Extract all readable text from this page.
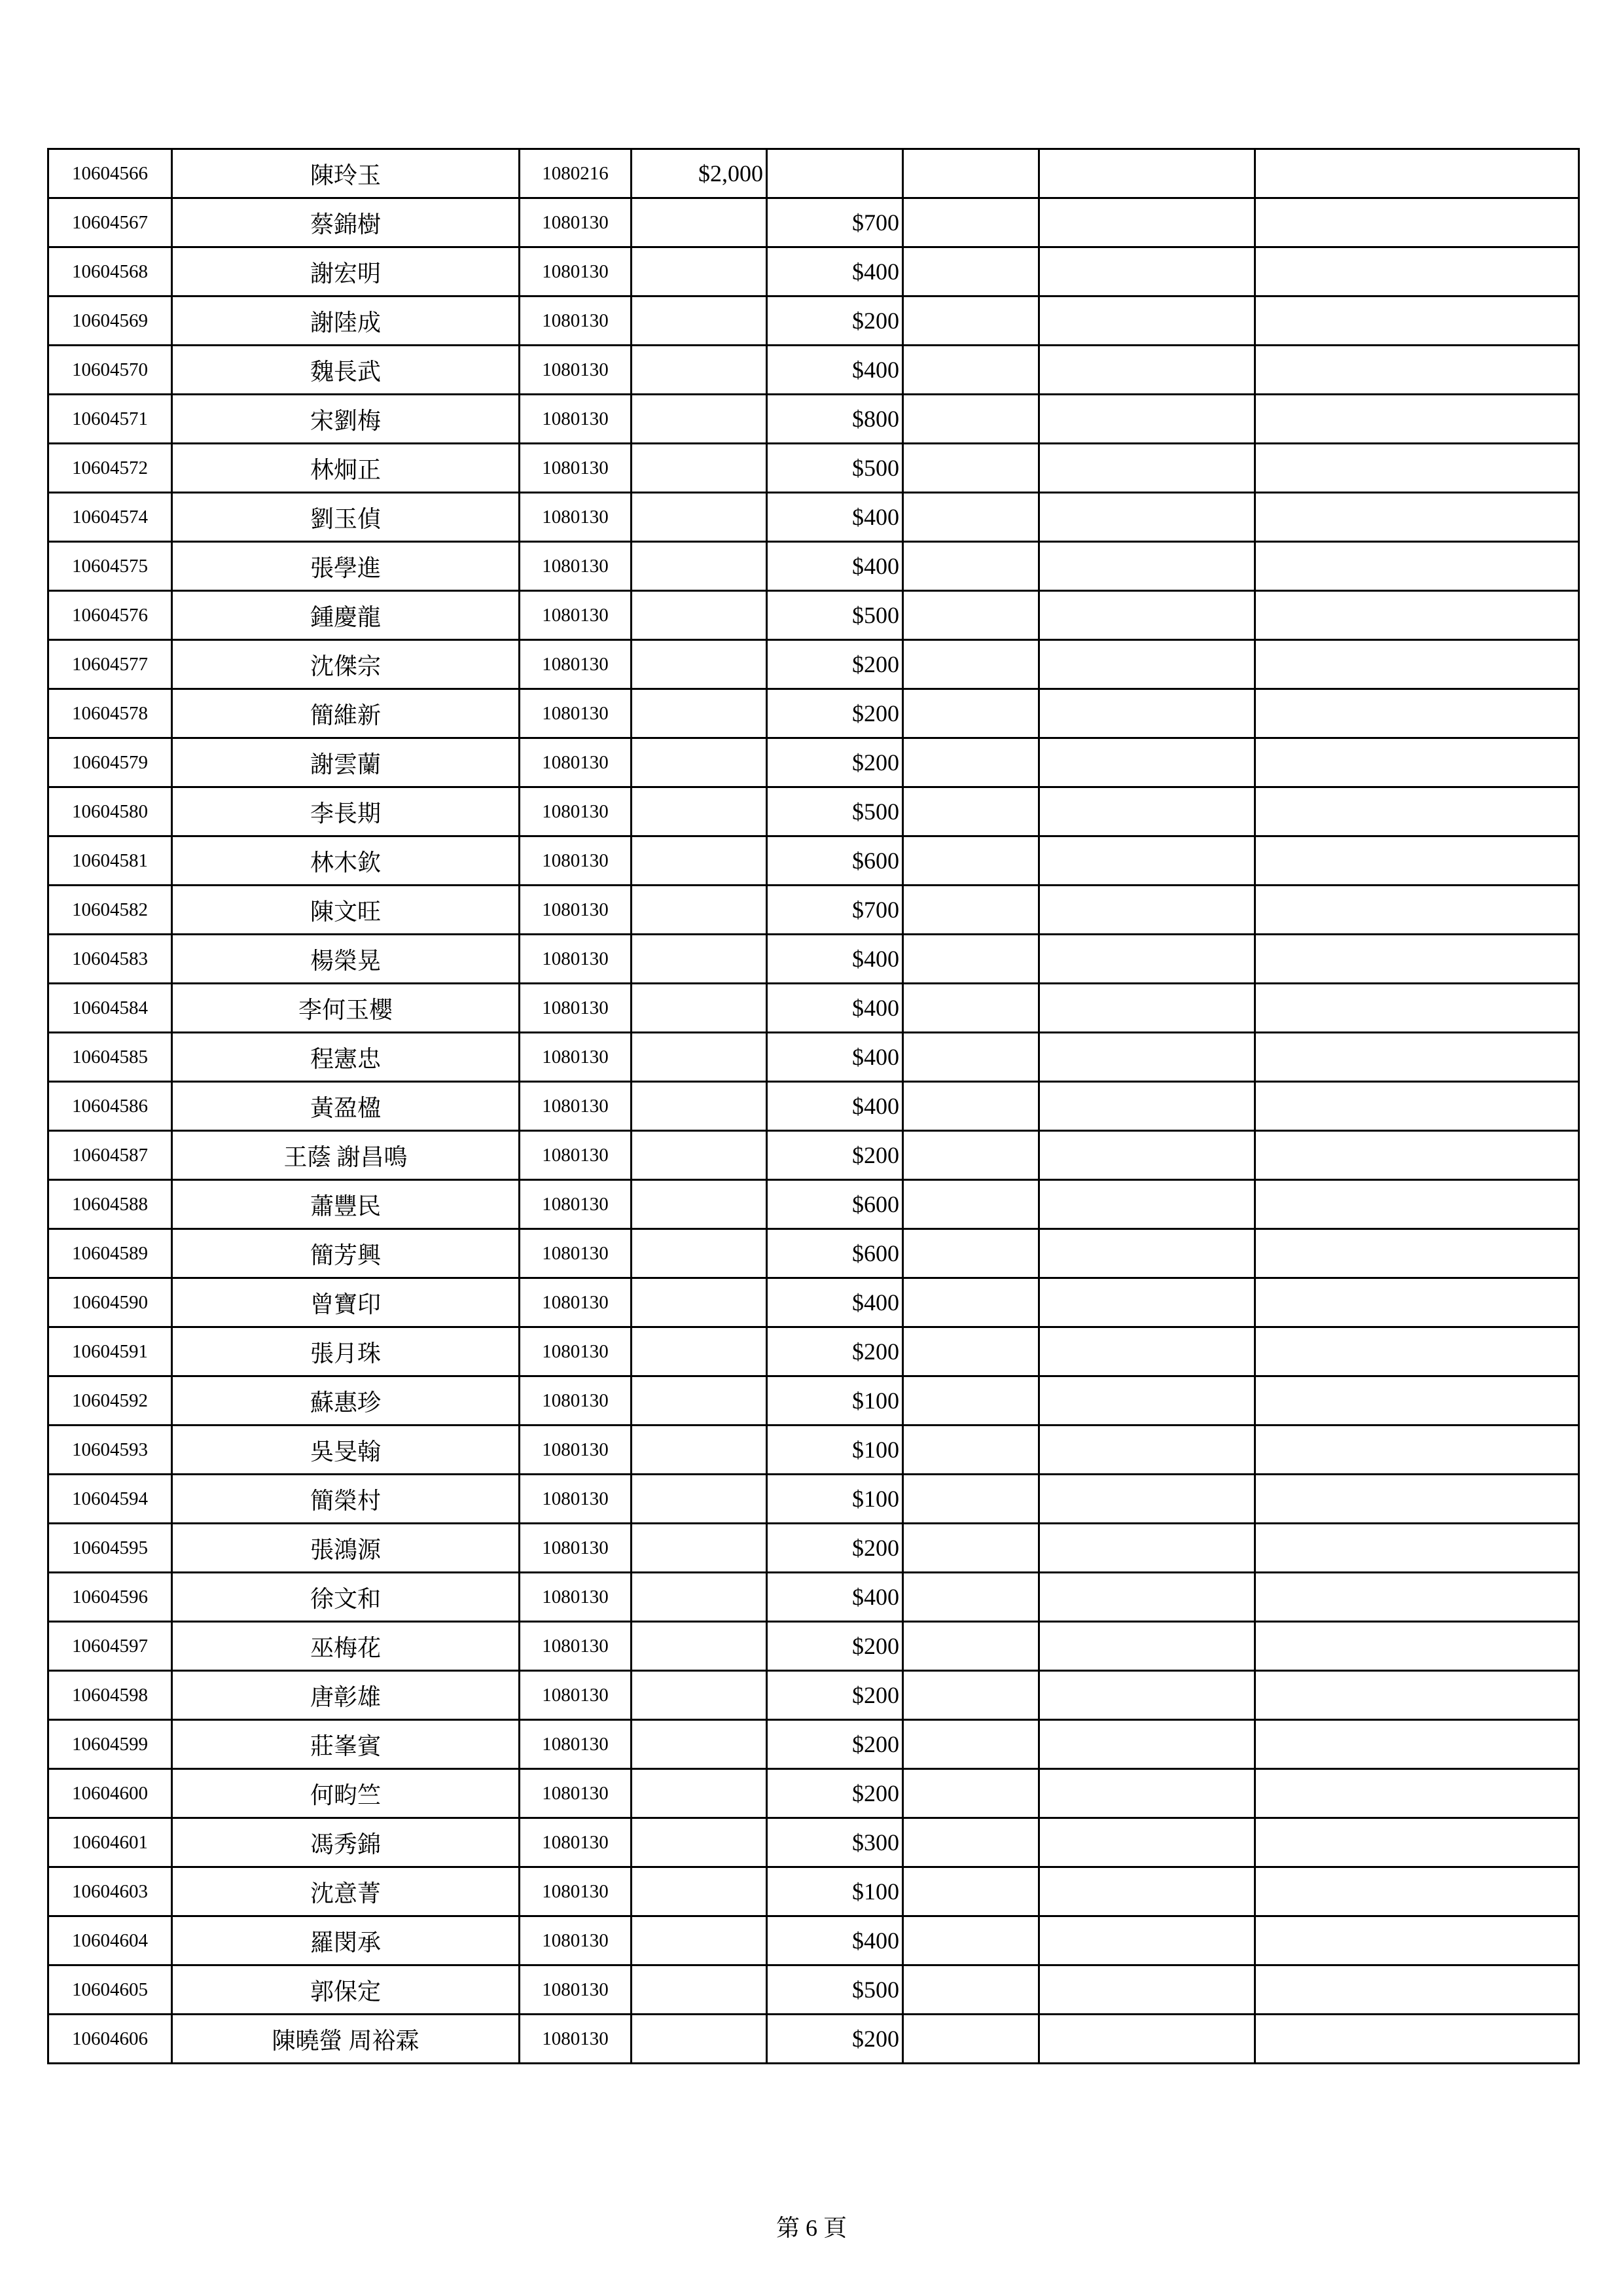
10604566	陳玲玉	1080216	$2,000				
10604567	蔡錦樹	1080130		$700			
10604568	謝宏明	1080130		$400			
10604569	謝陸成	1080130		$200			
10604570	魏長武	1080130		$400			
10604571	宋劉梅	1080130		$800			
10604572	林炯正	1080130		$500			
10604574	劉玉偵	1080130		$400			
10604575	張學進	1080130		$400			
10604576	鍾慶龍	1080130		$500			
10604577	沈傑宗	1080130		$200			
10604578	簡維新	1080130		$200			
10604579	謝雲蘭	1080130		$200			
10604580	李長期	1080130		$500			
10604581	林木欽	1080130		$600			
10604582	陳文旺	1080130		$700			
10604583	楊榮晃	1080130		$400			
10604584	李何玉櫻	1080130		$400			
10604585	程憲忠	1080130		$400			
10604586	黃盈楹	1080130		$400			
10604587	王蔭 謝昌鳴	1080130		$200			
10604588	蕭豐民	1080130		$600			
10604589	簡芳興	1080130		$600			
10604590	曾寶印	1080130		$400			
10604591	張月珠	1080130		$200			
10604592	蘇惠珍	1080130		$100			
10604593	吳旻翰	1080130		$100			
10604594	簡榮村	1080130		$100			
10604595	張鴻源	1080130		$200			
10604596	徐文和	1080130		$400			
10604597	巫梅花	1080130		$200			
10604598	唐彰雄	1080130		$200			
10604599	莊峯賓	1080130		$200			
10604600	何畇竺	1080130		$200			
10604601	馮秀錦	1080130		$300			
10604603	沈意菁	1080130		$100			
10604604	羅閔承	1080130		$400			
10604605	郭保定	1080130		$500			
10604606	陳曉螢 周裕霖	1080130		$200			
第 6 頁
